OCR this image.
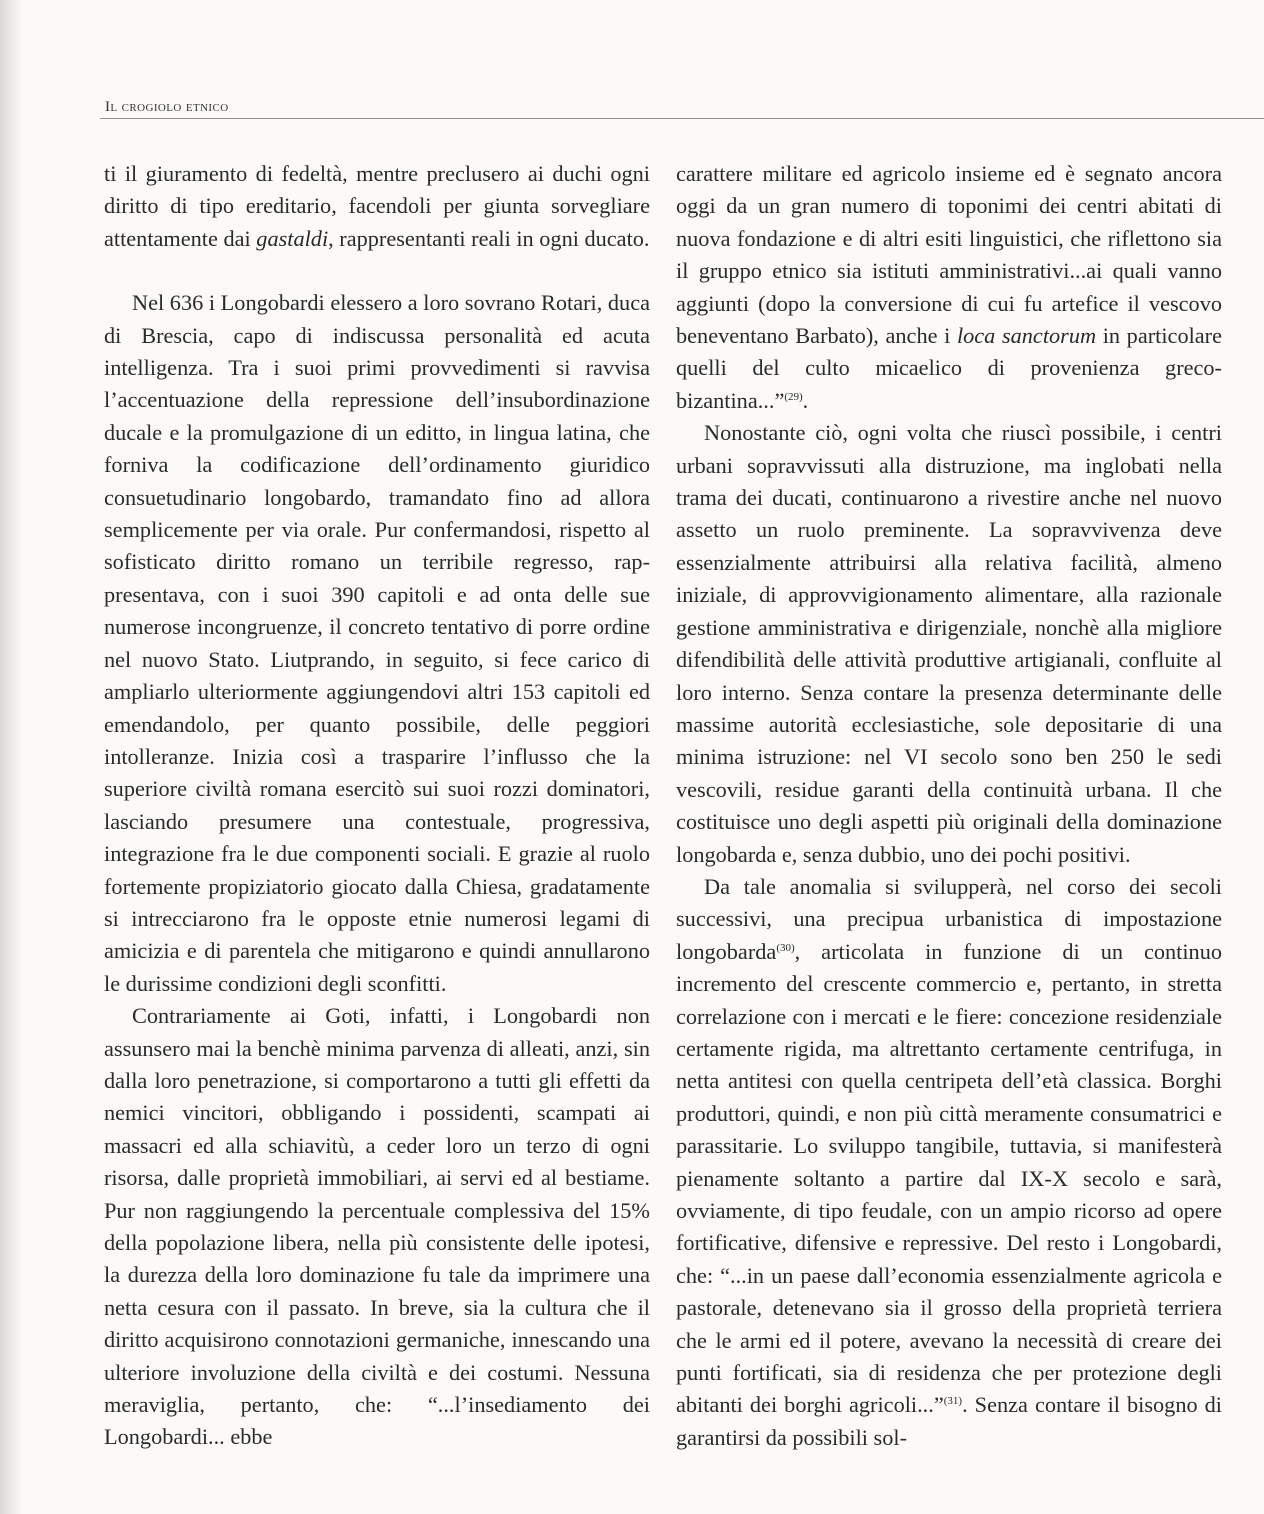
Il crogiolo etnico

ti il giuramento di fedeltà, mentre preclusero ai duchi ogni diritto di tipo ereditario, facendoli per giunta sorvegliare attentamente dai gastaldi, rappresentanti reali in ogni ducato.

Nel 636 i Longobardi elessero a loro sovrano Rotari, duca di Brescia, capo di indiscussa personalità ed acuta intelligenza. Tra i suoi primi provvedimenti si ravvisa l’accentuazione della repressione dell’insubordinazione ducale e la promulgazione di un editto, in lingua latina, che forniva la codificazione dell’ordinamento giuridico consuetudinario longobardo, tramandato fino ad allora semplicemente per via orale. Pur confermandosi, rispetto al sofisticato diritto romano un terribile regresso, rappresentava, con i suoi 390 capitoli e ad onta delle sue numerose incongruenze, il concreto tentativo di porre ordine nel nuovo Stato. Liutprando, in seguito, si fece carico di ampliarlo ulteriormente aggiungendovi altri 153 capitoli ed emendandolo, per quanto possibile, delle peggiori intolleranze. Inizia così a trasparire l’influsso che la superiore civiltà romana esercitò sui suoi rozzi dominatori, lasciando presumere una contestuale, progressiva, integrazione fra le due componenti sociali. E grazie al ruolo fortemente propiziatorio giocato dalla Chiesa, gradatamente si intrecciarono fra le opposte etnie numerosi legami di amicizia e di parentela che mitigarono e quindi annullarono le durissime condizioni degli sconfitti.

Contrariamente ai Goti, infatti, i Longobardi non assunsero mai la benchè minima parvenza di alleati, anzi, sin dalla loro penetrazione, si comportarono a tutti gli effetti da nemici vincitori, obbligando i possidenti, scampati ai massacri ed alla schiavitù, a ceder loro un terzo di ogni risorsa, dalle proprietà immobiliari, ai servi ed al bestiame. Pur non raggiungendo la percentuale complessiva del 15% della popolazione libera, nella più consistente delle ipotesi, la durezza della loro dominazione fu tale da imprimere una netta cesura con il passato. In breve, sia la cultura che il diritto acquisirono connotazioni germaniche, innescando una ulteriore involuzione della civiltà e dei costumi. Nessuna meraviglia, pertanto, che: “...l’insediamento dei Longobardi... ebbe

carattere militare ed agricolo insieme ed è segnato ancora oggi da un gran numero di toponimi dei centri abitati di nuova fondazione e di altri esiti linguistici, che riflettono sia il gruppo etnico sia istituti amministrativi...ai quali vanno aggiunti (dopo la conversione di cui fu artefice il vescovo beneventano Barbato), anche i loca sanctorum in particolare quelli del culto micaelico di provenienza greco-bizantina...”$^{(29)}$.

Nonostante ciò, ogni volta che riuscì possibile, i centri urbani sopravvissuti alla distruzione, ma inglobati nella trama dei ducati, continuarono a rivestire anche nel nuovo assetto un ruolo preminente. La sopravvivenza deve essenzialmente attribuirsi alla relativa facilità, almeno iniziale, di approvvigionamento alimentare, alla razionale gestione amministrativa e dirigenziale, nonchè alla migliore difendibilità delle attività produttive artigianali, confluite al loro interno. Senza contare la presenza determinante delle massime autorità ecclesiastiche, sole depositarie di una minima istruzione: nel VI secolo sono ben 250 le sedi vescovili, residue garanti della continuità urbana. Il che costituisce uno degli aspetti più originali della dominazione longobarda e, senza dubbio, uno dei pochi positivi.

Da tale anomalia si svilupperà, nel corso dei secoli successivi, una precipua urbanistica di impostazione longobarda$^{(30)}$, articolata in funzione di un continuo incremento del crescente commercio e, pertanto, in stretta correlazione con i mercati e le fiere: concezione residenziale certamente rigida, ma altrettanto certamente centrifuga, in netta antitesi con quella centripeta dell’età classica. Borghi produttori, quindi, e non più città meramente consumatrici e parassitarie. Lo sviluppo tangibile, tuttavia, si manifesterà pienamente soltanto a partire dal IX-X secolo e sarà, ovviamente, di tipo feudale, con un ampio ricorso ad opere fortificative, difensive e repressive. Del resto i Longobardi, che: “...in un paese dall’economia essenzialmente agricola e pastorale, detenevano sia il grosso della proprietà terriera che le armi ed il potere, avevano la necessità di creare dei punti fortificati, sia di residenza che per protezione degli abitanti dei borghi agricoli...”$^{(31)}$. Senza contare il bisogno di garantirsi da possibili sol-
